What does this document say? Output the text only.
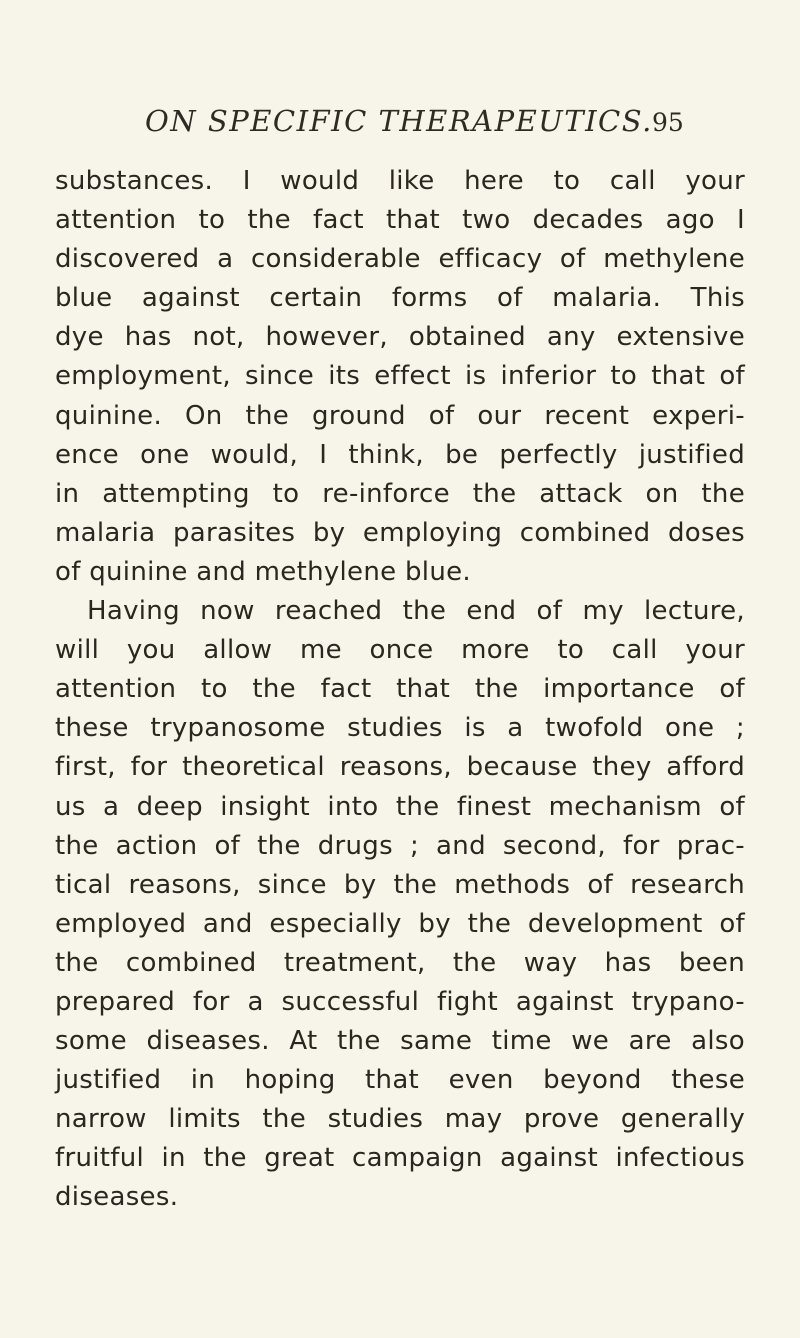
ON SPECIFIC THERAPEUTICS. 95
substances. I would like here to call your
attention to the fact that two decades ago I
discovered a considerable efficacy of methylene
blue against certain forms of malaria. This
dye has not, however, obtained any extensive
employment, since its effect is inferior to that of
quinine. On the ground of our recent experi-
ence one would, I think, be perfectly justified
in attempting to re-inforce the attack on the
malaria parasites by employing combined doses
of quinine and methylene blue.
Having now reached the end of my lecture,
will you allow me once more to call your
attention to the fact that the importance of
these trypanosome studies is a twofold one ;
first, for theoretical reasons, because they afford
us a deep insight into the finest mechanism of
the action of the drugs ; and second, for prac-
tical reasons, since by the methods of research
employed and especially by the development of
the combined treatment, the way has been
prepared for a successful fight against trypano-
some diseases. At the same time we are also
justified in hoping that even beyond these
narrow limits the studies may prove generally
fruitful in the great campaign against infectious
diseases.
